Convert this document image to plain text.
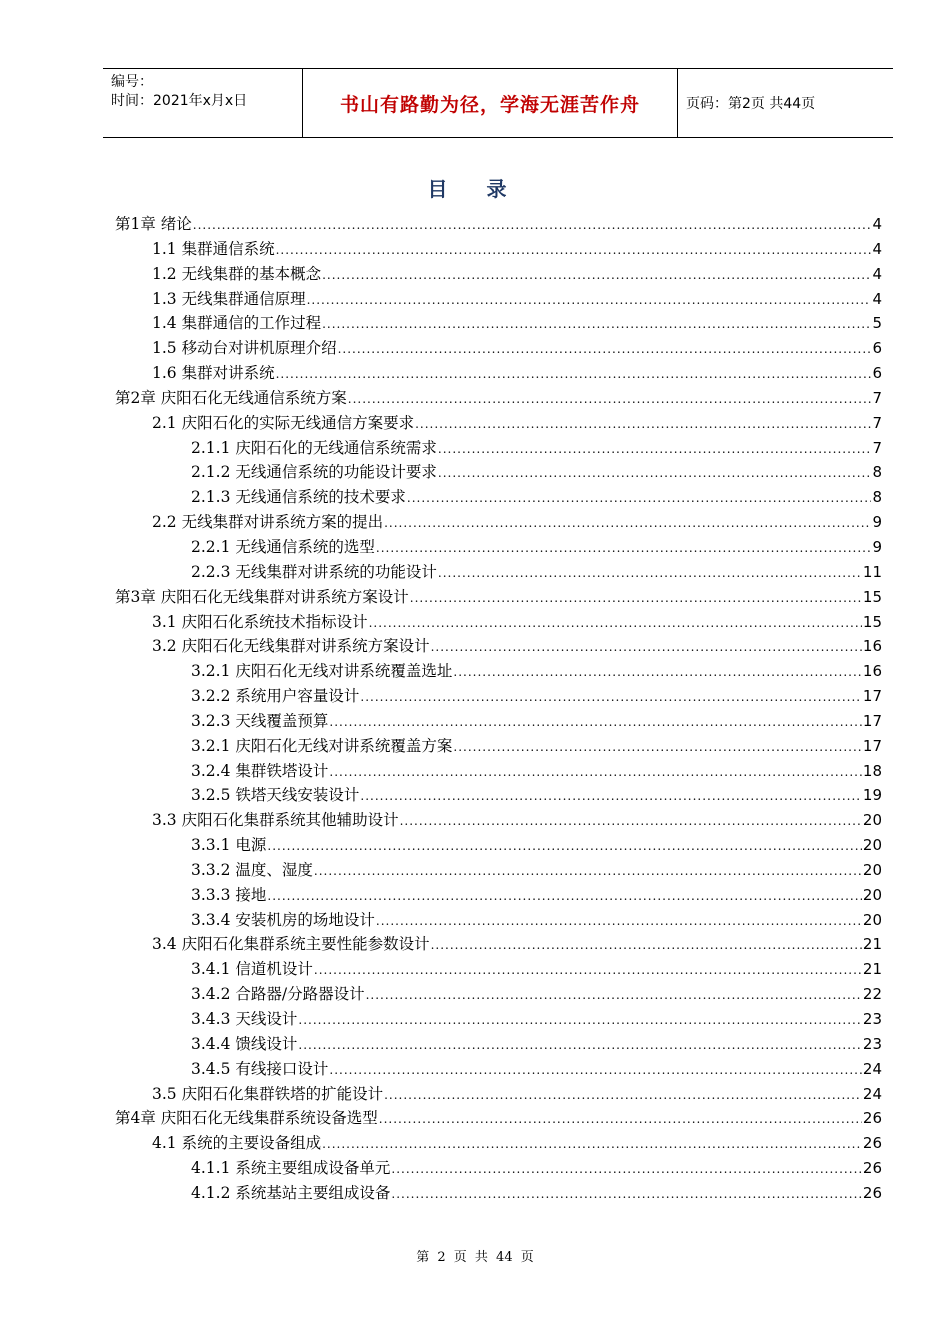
编号：
时间：2021年x月x日	书山有路勤为径，学海无涯苦作舟	页码：第2页 共44页
目 录
第1章 绪论 .....	4
1.1 集群通信系统 .....	4
1.2 无线集群的基本概念 .....	4
1.3 无线集群通信原理 .....	4
1.4 集群通信的工作过程 .....	5
1.5 移动台对讲机原理介绍 .....	6
1.6 集群对讲系统 .....	6
第2章 庆阳石化无线通信系统方案 .....	7
2.1 庆阳石化的实际无线通信方案要求 .....	7
2.1.1 庆阳石化的无线通信系统需求 .....	7
2.1.2 无线通信系统的功能设计要求 .....	8
2.1.3 无线通信系统的技术要求 .....	8
2.2 无线集群对讲系统方案的提出 .....	9
2.2.1 无线通信系统的选型 .....	9
2.2.3 无线集群对讲系统的功能设计 .....	11
第3章 庆阳石化无线集群对讲系统方案设计 .....	15
3.1 庆阳石化系统技术指标设计 .....	15
3.2 庆阳石化无线集群对讲系统方案设计 .....	16
3.2.1 庆阳石化无线对讲系统覆盖选址 .....	16
3.2.2 系统用户容量设计 .....	17
3.2.3 天线覆盖预算 .....	17
3.2.1 庆阳石化无线对讲系统覆盖方案 .....	17
3.2.4 集群铁塔设计 .....	18
3.2.5 铁塔天线安装设计 .....	19
3.3 庆阳石化集群系统其他辅助设计 .....	20
3.3.1 电源 .....	20
3.3.2 温度、湿度 .....	20
3.3.3 接地 .....	20
3.3.4 安装机房的场地设计 .....	20
3.4 庆阳石化集群系统主要性能参数设计 .....	21
3.4.1 信道机设计 .....	21
3.4.2 合路器/分路器设计 .....	22
3.4.3 天线设计 .....	23
3.4.4 馈线设计 .....	23
3.4.5 有线接口设计 .....	24
3.5 庆阳石化集群铁塔的扩能设计 .....	24
第4章 庆阳石化无线集群系统设备选型 .....	26
4.1 系统的主要设备组成 .....	26
4.1.1 系统主要组成设备单元 .....	26
4.1.2 系统基站主要组成设备 .....	26
第 2 页 共 44 页
